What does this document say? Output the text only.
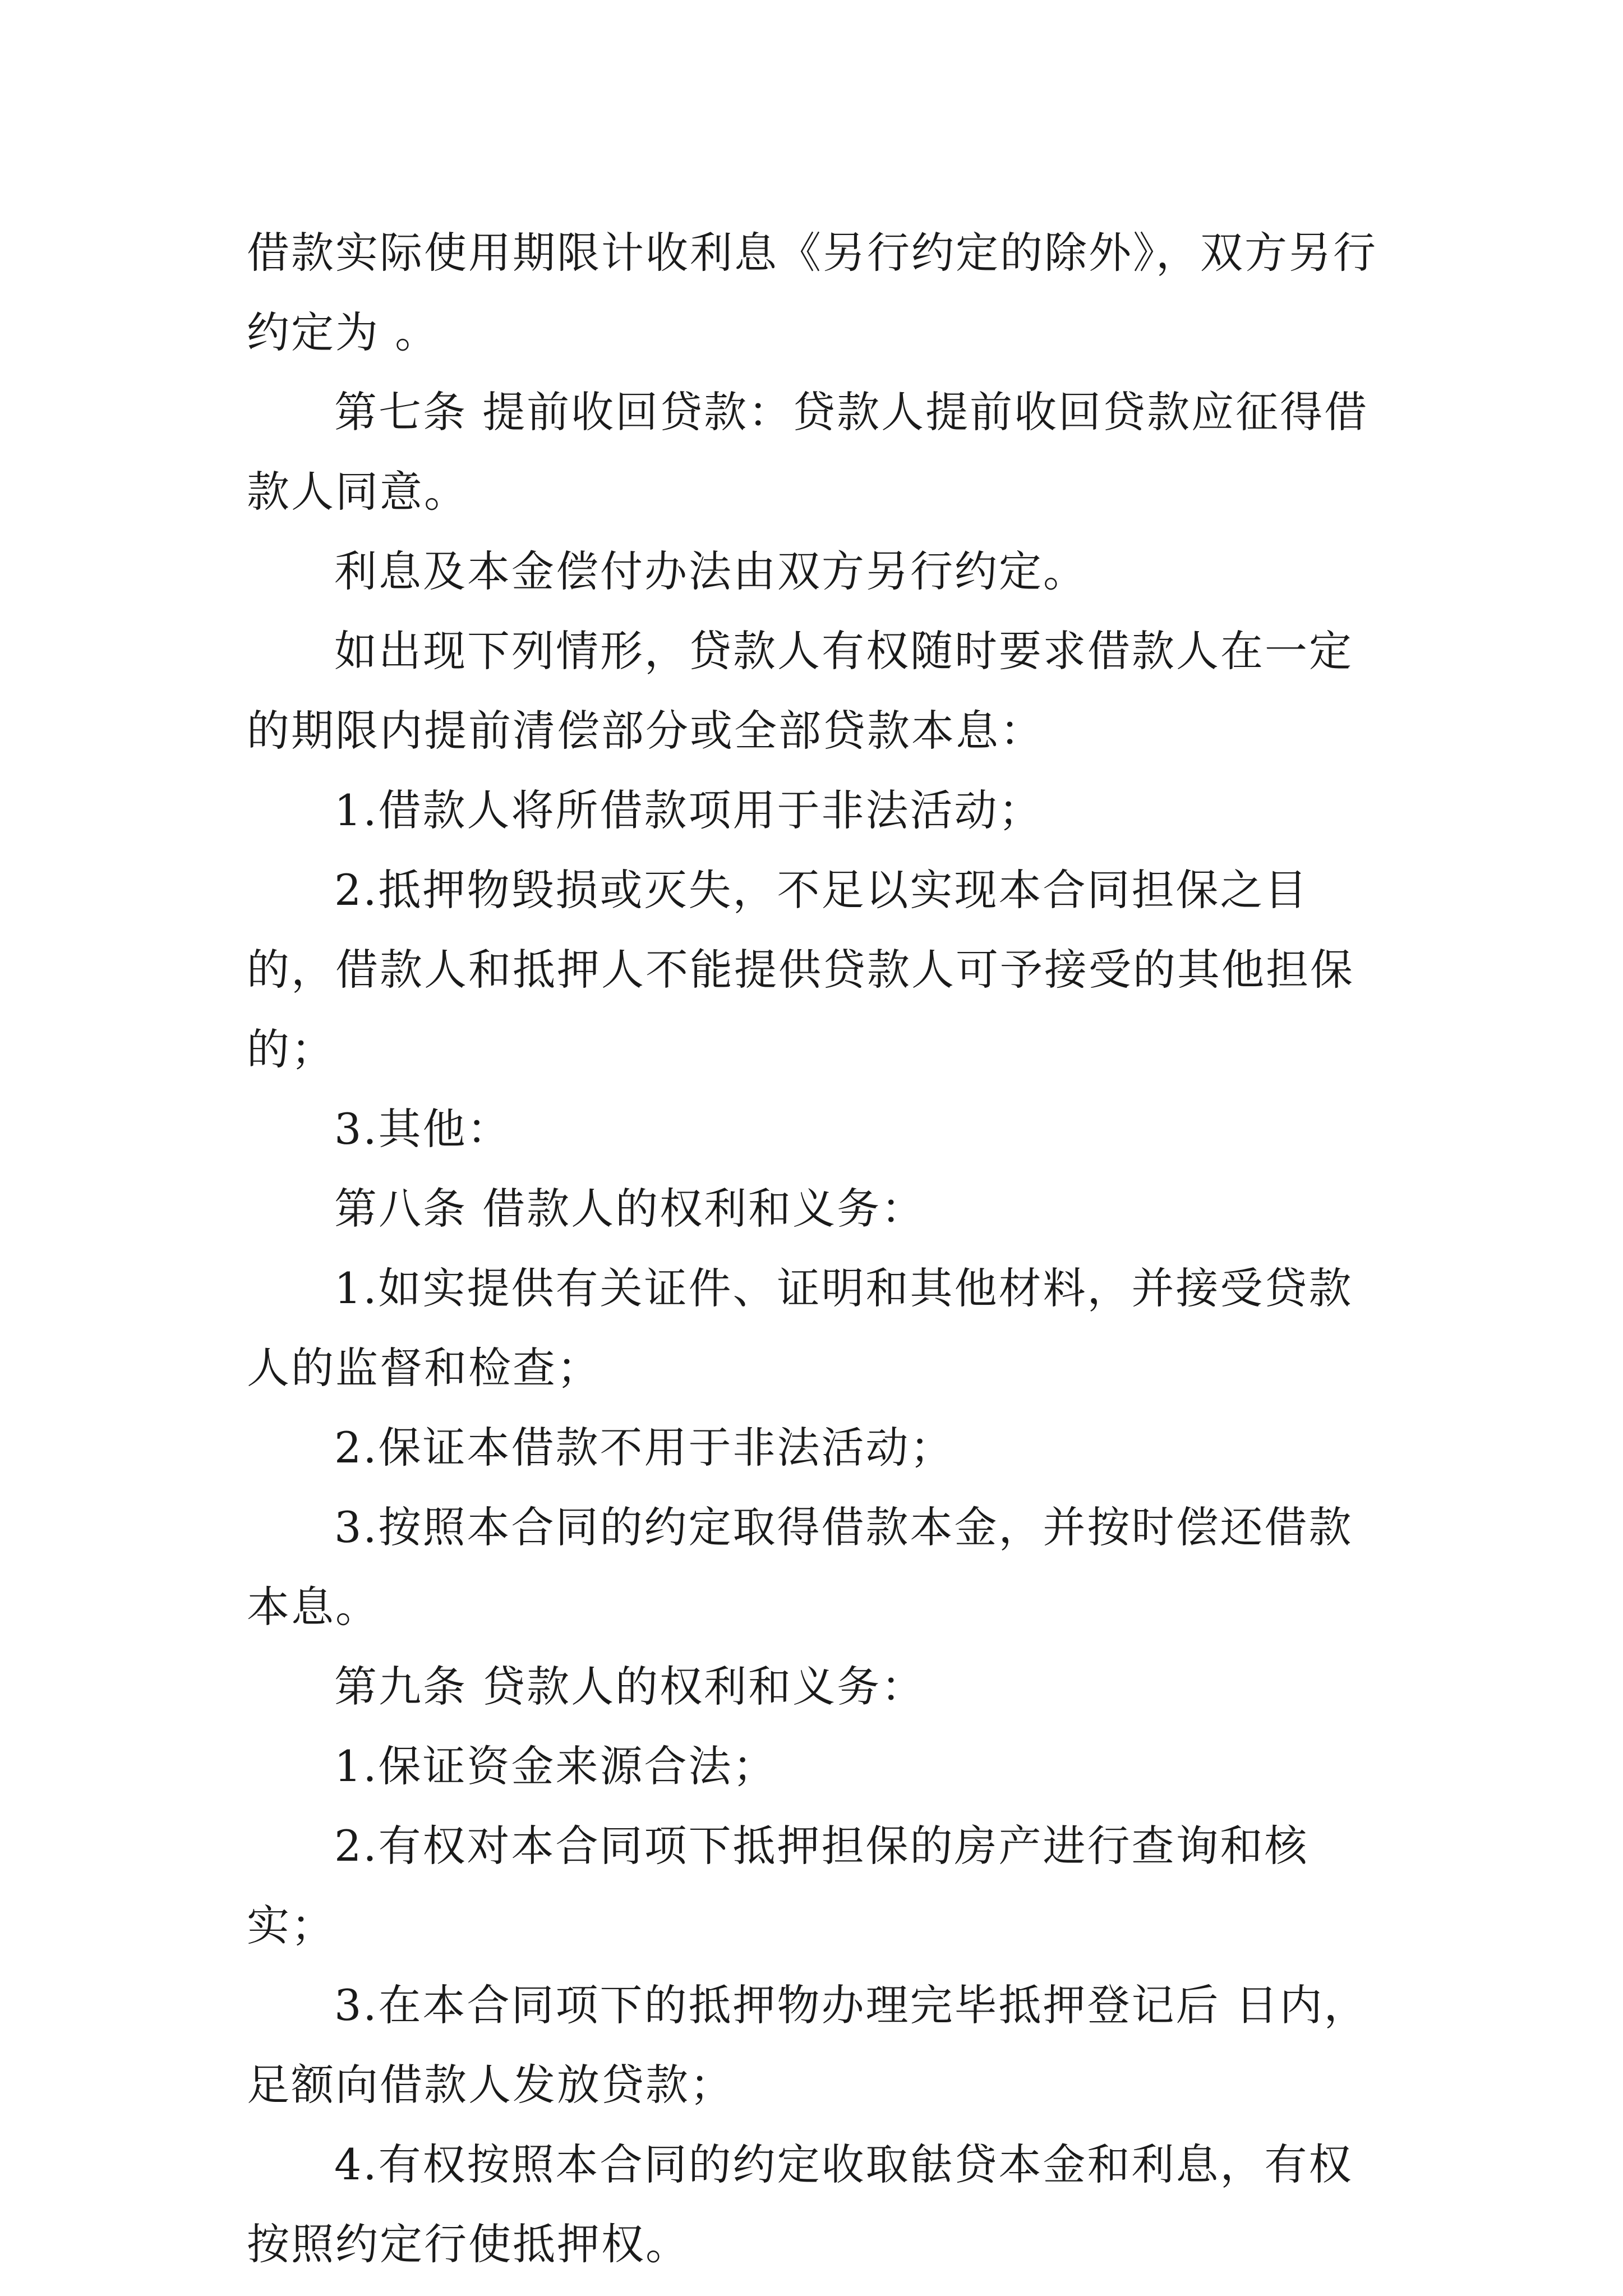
借款实际使用期限计收利息《另行约定的除外》，双方另行约定为 。

第七条 提前收回贷款：贷款人提前收回贷款应征得借款人同意。

利息及本金偿付办法由双方另行约定。

如出现下列情形，贷款人有权随时要求借款人在一定的期限内提前清偿部分或全部贷款本息：

1.借款人将所借款项用于非法活动；

2.抵押物毁损或灭失，不足以实现本合同担保之目的，借款人和抵押人不能提供贷款人可予接受的其他担保的；

3.其他：

第八条 借款人的权利和义务：

1.如实提供有关证件、证明和其他材料，并接受贷款人的监督和检查；

2.保证本借款不用于非法活动；

3.按照本合同的约定取得借款本金，并按时偿还借款本息。

第九条 贷款人的权利和义务：

1.保证资金来源合法；

2.有权对本合同项下抵押担保的房产进行查询和核实；

3.在本合同项下的抵押物办理完毕抵押登记后 日内，足额向借款人发放贷款；

4.有权按照本合同的约定收取䏻贷本金和利息，有权按照约定行使抵押权。
